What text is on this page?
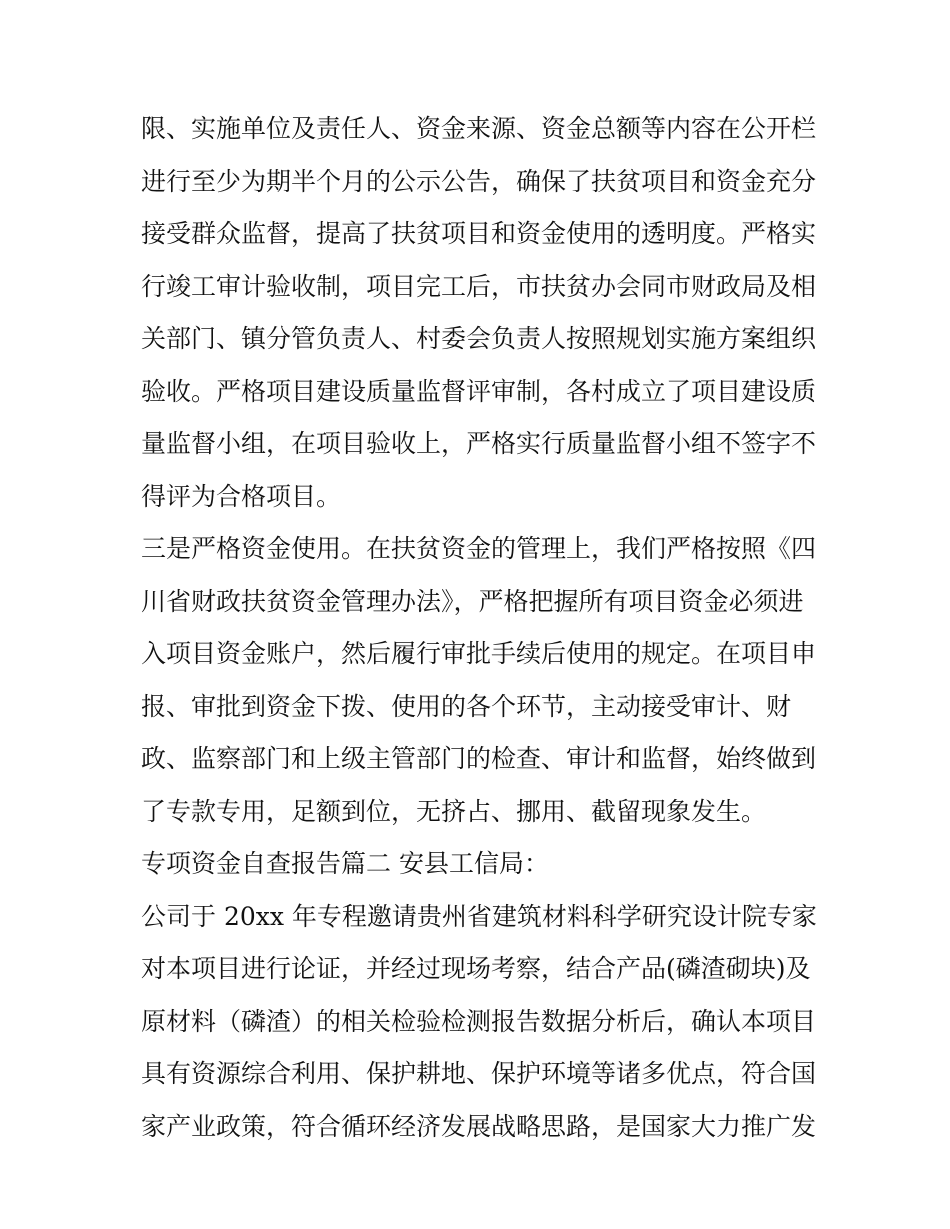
限、实施单位及责任人、资金来源、资金总额等内容在公开栏
进行至少为期半个月的公示公告，确保了扶贫项目和资金充分
接受群众监督，提高了扶贫项目和资金使用的透明度。严格实
行竣工审计验收制，项目完工后，市扶贫办会同市财政局及相
关部门、镇分管负责人、村委会负责人按照规划实施方案组织
验收。严格项目建设质量监督评审制，各村成立了项目建设质
量监督小组，在项目验收上，严格实行质量监督小组不签字不
得评为合格项目。
三是严格资金使用。在扶贫资金的管理上，我们严格按照《四
川省财政扶贫资金管理办法》，严格把握所有项目资金必须进
入项目资金账户，然后履行审批手续后使用的规定。在项目申
报、审批到资金下拨、使用的各个环节，主动接受审计、财
政、监察部门和上级主管部门的检查、审计和监督，始终做到
了专款专用，足额到位，无挤占、挪用、截留现象发生。
专项资金自查报告篇二 安县工信局：
公司于 20xx 年专程邀请贵州省建筑材料科学研究设计院专家
对本项目进行论证，并经过现场考察，结合产品(磷渣砌块)及
原材料（磷渣）的相关检验检测报告数据分析后，确认本项目
具有资源综合利用、保护耕地、保护环境等诸多优点，符合国
家产业政策，符合循环经济发展战略思路，是国家大力推广发
